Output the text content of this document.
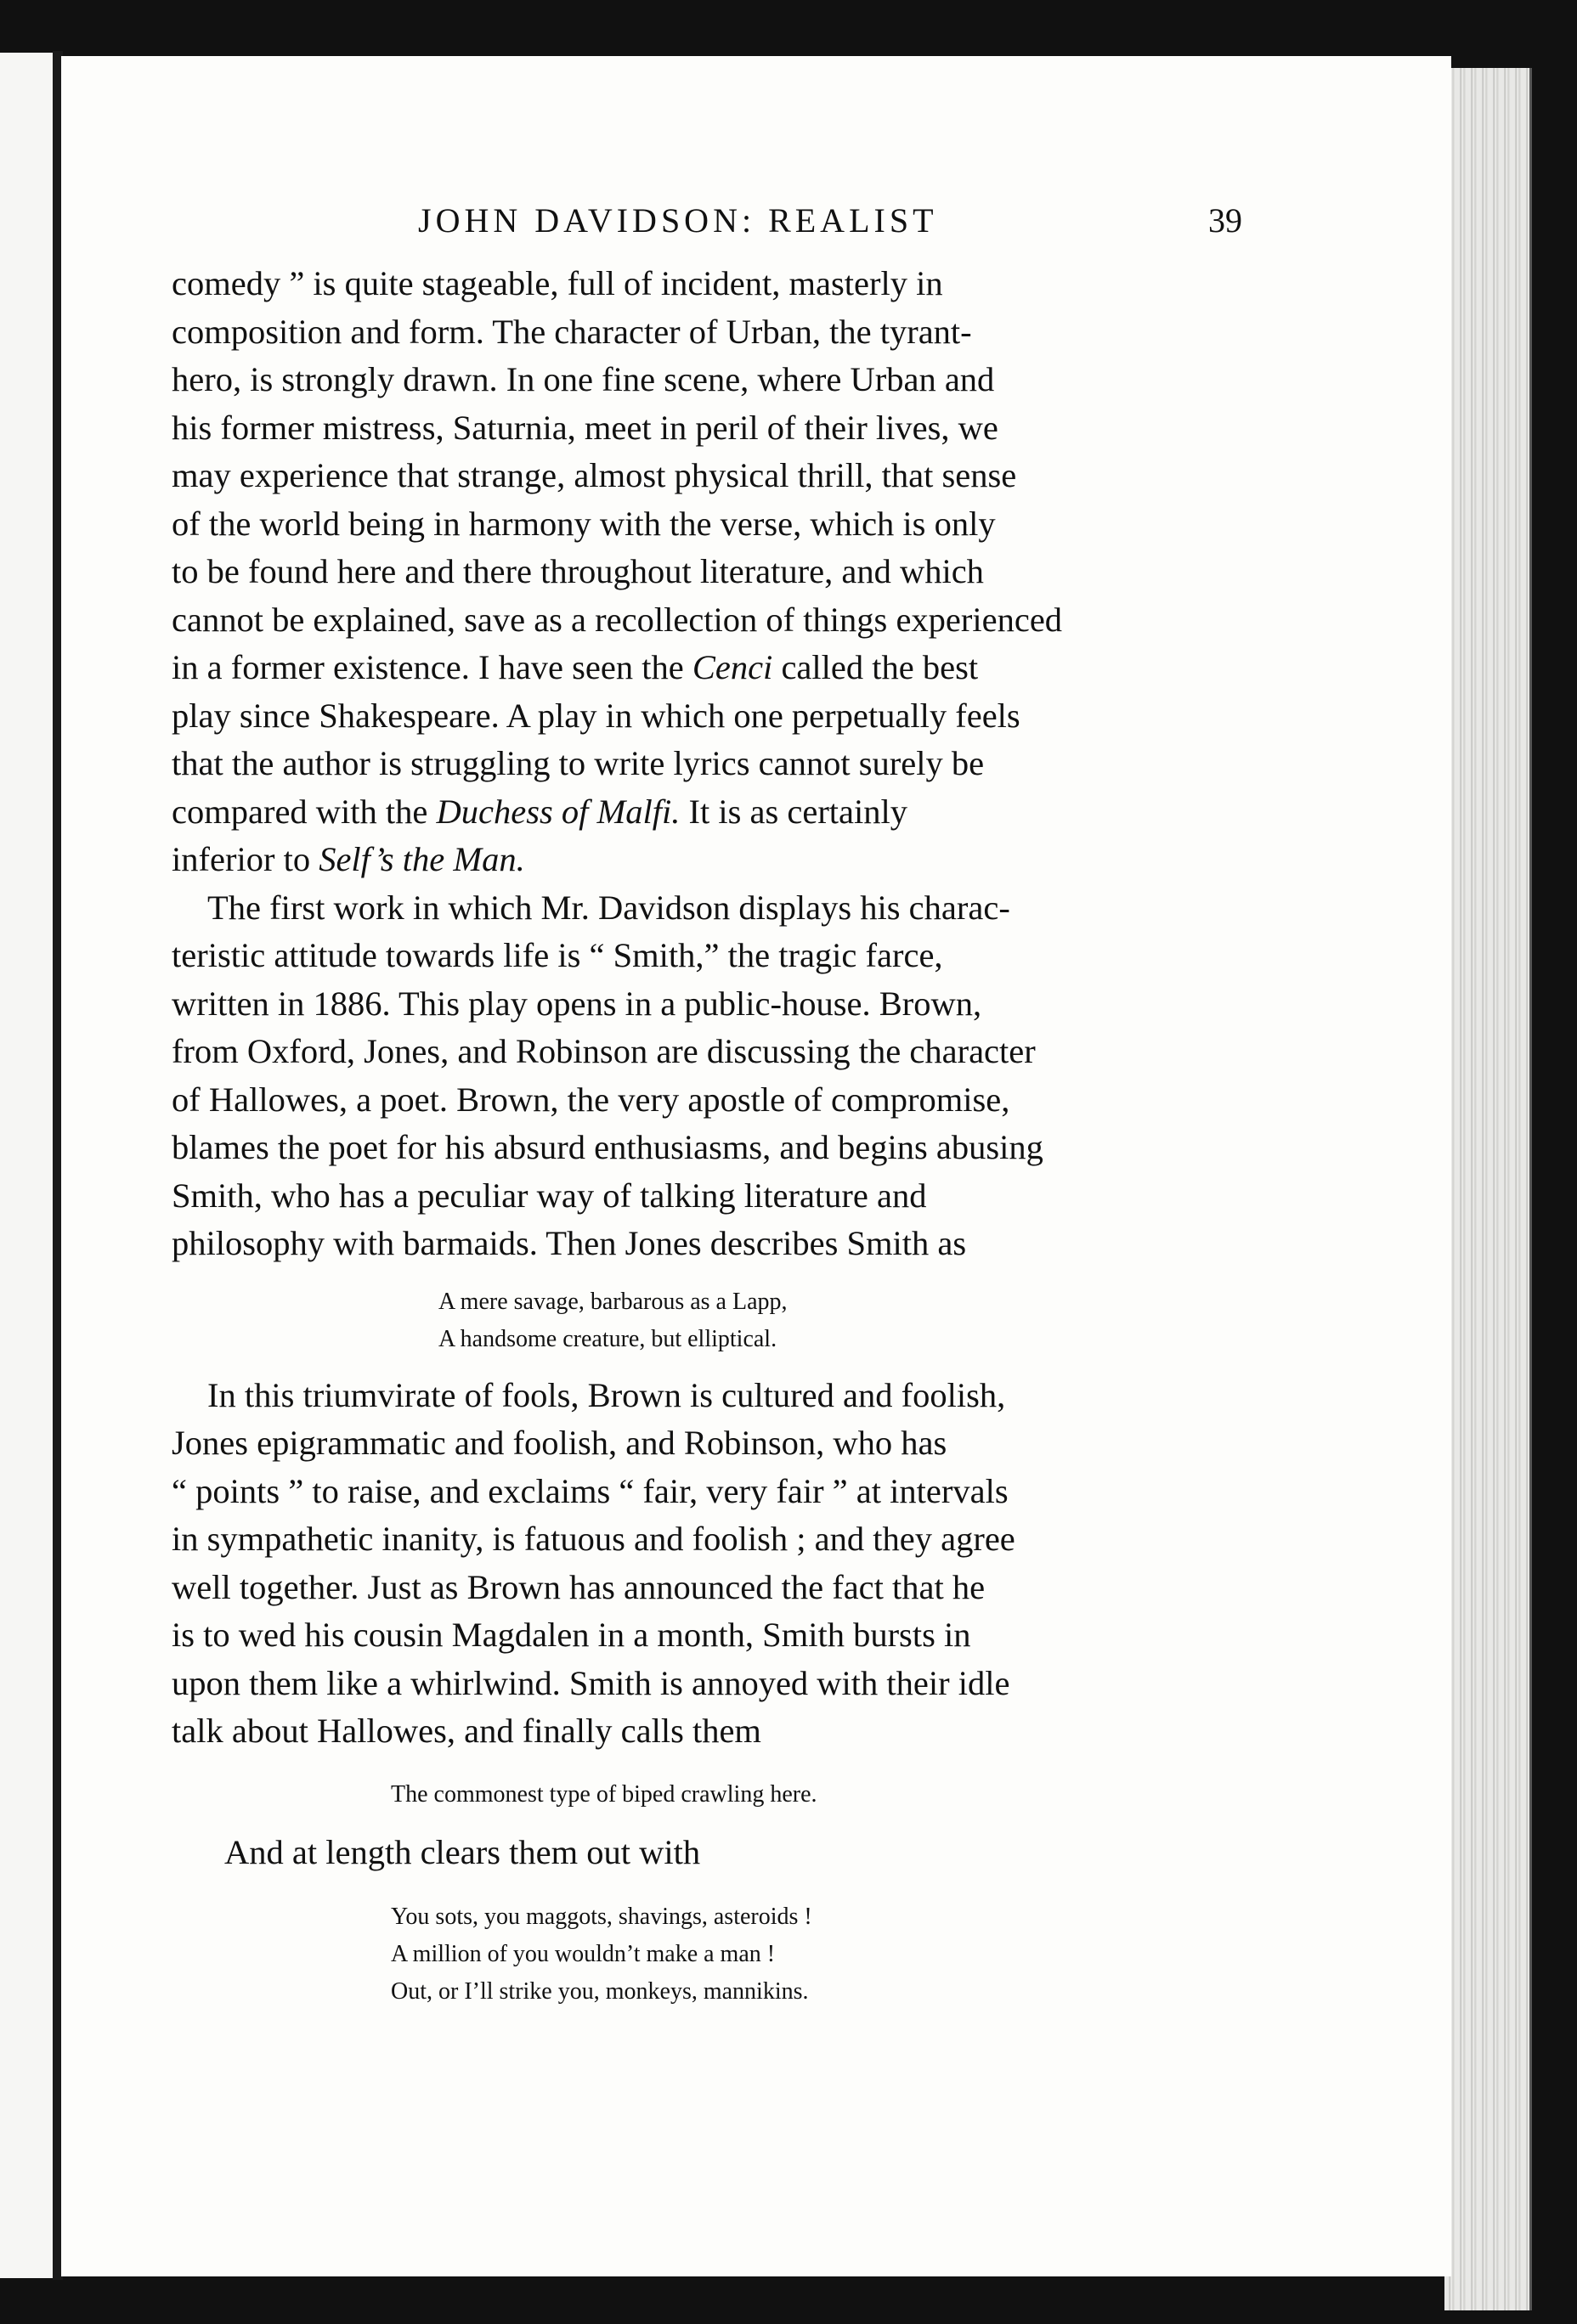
JOHN DAVIDSON: REALIST	39

comedy ” is quite stageable, full of incident, masterly in
composition and form. The character of Urban, the tyrant-
hero, is strongly drawn. In one fine scene, where Urban and
his former mistress, Saturnia, meet in peril of their lives, we
may experience that strange, almost physical thrill, that sense
of the world being in harmony with the verse, which is only
to be found here and there throughout literature, and which
cannot be explained, save as a recollection of things experienced
in a former existence. I have seen the Cenci called the best
play since Shakespeare. A play in which one perpetually feels
that the author is struggling to write lyrics cannot surely be
compared with the Duchess of Malfi. It is as certainly
inferior to Self’s the Man.

The first work in which Mr. Davidson displays his charac-
teristic attitude towards life is “ Smith,” the tragic farce,
written in 1886. This play opens in a public-house. Brown,
from Oxford, Jones, and Robinson are discussing the character
of Hallowes, a poet. Brown, the very apostle of compromise,
blames the poet for his absurd enthusiasms, and begins abusing
Smith, who has a peculiar way of talking literature and
philosophy with barmaids. Then Jones describes Smith as

A mere savage, barbarous as a Lapp,
A handsome creature, but elliptical.

In this triumvirate of fools, Brown is cultured and foolish,
Jones epigrammatic and foolish, and Robinson, who has
“ points ” to raise, and exclaims “ fair, very fair ” at intervals
in sympathetic inanity, is fatuous and foolish ; and they agree
well together. Just as Brown has announced the fact that he
is to wed his cousin Magdalen in a month, Smith bursts in
upon them like a whirlwind. Smith is annoyed with their idle
talk about Hallowes, and finally calls them

The commonest type of biped crawling here.

And at length clears them out with

You sots, you maggots, shavings, asteroids !
A million of you wouldn’t make a man !
Out, or I’ll strike you, monkeys, mannikins.
